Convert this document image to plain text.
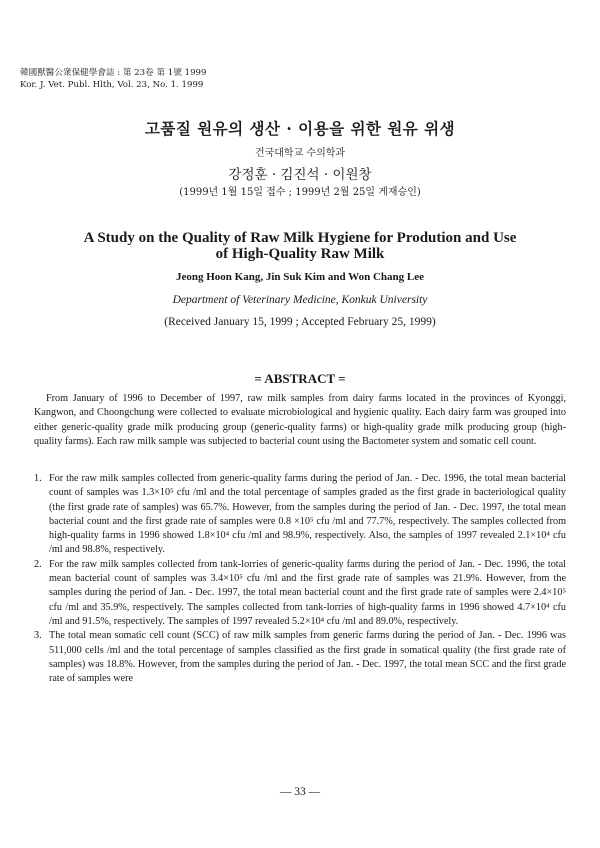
韓國獸醫公衆保健學會誌 : 第 23卷 第 1號 1999
Kor. J. Vet. Publ. Hlth, Vol. 23, No. 1. 1999
고품질 원유의 생산 · 이용을 위한 원유 위생
건국대학교 수의학과
강정훈 · 김진석 · 이원창
(1999년 1월 15일 접수 ; 1999년 2월 25일 게재승인)
A Study on the Quality of Raw Milk Hygiene for Prodution and Use
of High-Quality Raw Milk
Jeong Hoon Kang, Jin Suk Kim and Won Chang Lee
Department of Veterinary Medicine, Konkuk University
(Received January 15, 1999 ; Accepted February 25, 1999)
= ABSTRACT =
From January of 1996 to December of 1997, raw milk samples from dairy farms located in the provinces of Kyonggi, Kangwon, and Choongchung were collected to evaluate microbiological and hygienic quality. Each dairy farm was grouped into either generic-quality grade milk producing group (generic-quality farms) or high-quality grade milk producing group (high-quality farms). Each raw milk sample was subjected to bacterial count using the Bactometer system and somatic cell count.
1. For the raw milk samples collected from generic-quality farms during the period of Jan. - Dec. 1996, the total mean bacterial count of samples was 1.3×10⁵ cfu /ml and the total percentage of samples graded as the first grade in bacteriological quality (the first grade rate of samples) was 65.7%. However, from the samples during the period of Jan. - Dec. 1997, the total mean bacterial count and the first grade rate of samples were 0.8 ×10⁵ cfu /ml and 77.7%, respectively. The samples collected from high-quality farms in 1996 showed 1.8×10⁴ cfu /ml and 98.9%, respectively. Also, the samples of 1997 revealed 2.1×10⁴ cfu /ml and 98.8%, respectively.
2. For the raw milk samples collected from tank-lorries of generic-quality farms during the period of Jan. - Dec. 1996, the total mean bacterial count of samples was 3.4×10⁵ cfu /ml and the first grade rate of samples was 21.9%. However, from the samples during the period of Jan. - Dec. 1997, the total mean bacterial count and the first grade rate of samples were 2.4×10⁵ cfu /ml and 35.9%, respectively. The samples collected from tank-lorries of high-quality farms in 1996 showed 4.7×10⁴ cfu /ml and 91.5%, respectively. The samples of 1997 revealed 5.2×10⁴ cfu /ml and 89.0%, respectively.
3. The total mean somatic cell count (SCC) of raw milk samples from generic farms during the period of Jan. - Dec. 1996 was 511,000 cells /ml and the total percentage of samples classified as the first grade in somatical quality (the first grade rate of samples) was 18.8%. However, from the samples during the period of Jan. - Dec. 1997, the total mean SCC and the first grade rate of samples were
— 33 —
